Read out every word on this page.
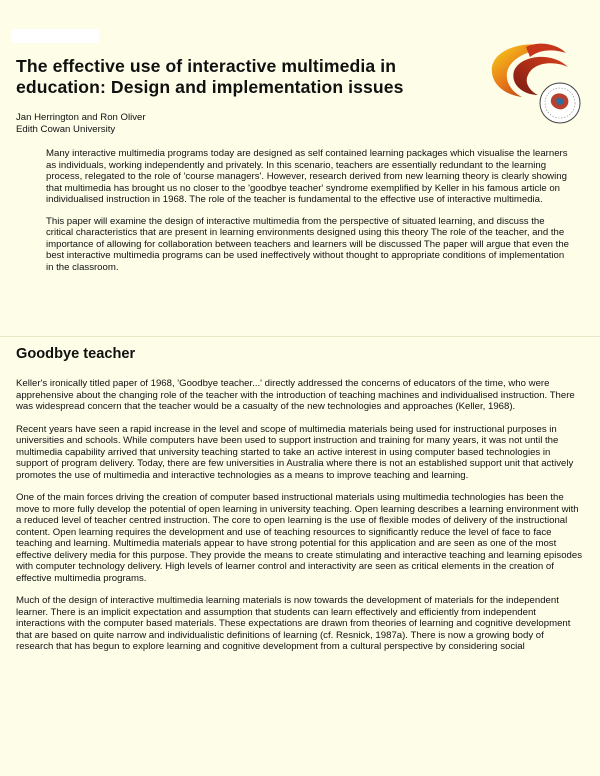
The effective use of interactive multimedia in education: Design and implementation issues
Jan Herrington and Ron Oliver
Edith Cowan University

Many interactive multimedia programs today are designed as self contained learning packages which visualise the learners as individuals, working independently and privately. In this scenario, teachers are essentially redundant to the learning process, relegated to the role of 'course managers'. However, research derived from new learning theory is clearly showing that multimedia has brought us no closer to the 'goodbye teacher' syndrome exemplified by Keller in his famous article on individualised instruction in 1968. The role of the teacher is fundamental to the effective use of interactive multimedia.

This paper will examine the design of interactive multimedia from the perspective of situated learning, and discuss the critical characteristics that are present in learning environments designed using this theory The role of the teacher, and the importance of allowing for collaboration between teachers and learners will be discussed The paper will argue that even the best interactive multimedia programs can be used ineffectively without thought to appropriate conditions of implementation in the classroom.

Goodbye teacher

Keller's ironically titled paper of 1968, 'Goodbye teacher...' directly addressed the concerns of educators of the time, who were apprehensive about the changing role of the teacher with the introduction of teaching machines and individualised instruction. There was widespread concern that the teacher would be a casualty of the new technologies and approaches (Keller, 1968).

Recent years have seen a rapid increase in the level and scope of multimedia materials being used for instructional purposes in universities and schools. While computers have been used to support instruction and training for many years, it was not until the multimedia capability arrived that university teaching started to take an active interest in using computer based technologies in support of program delivery. Today, there are few universities in Australia where there is not an established support unit that actively promotes the use of multimedia and interactive technologies as a means to improve teaching and learning.

One of the main forces driving the creation of computer based instructional materials using multimedia technologies has been the move to more fully develop the potential of open learning in university teaching. Open learning describes a learning environment with a reduced level of teacher centred instruction. The core to open learning is the use of flexible modes of delivery of the instructional content. Open learning requires the development and use of teaching resources to significantly reduce the level of face to face teaching and learning. Multimedia materials appear to have strong potential for this application and are seen as one of the most effective delivery media for this purpose. They provide the means to create stimulating and interactive teaching and learning episodes with computer technology delivery. High levels of learner control and interactivity are seen as critical elements in the creation of effective multimedia programs.

Much of the design of interactive multimedia learning materials is now towards the development of materials for the independent learner. There is an implicit expectation and assumption that students can learn effectively and efficiently from independent interactions with the computer based materials. These expectations are drawn from theories of learning and cognitive development that are based on quite narrow and individualistic definitions of learning (cf. Resnick, 1987a). There is now a growing body of research that has begun to explore learning and cognitive development from a cultural perspective by considering social
